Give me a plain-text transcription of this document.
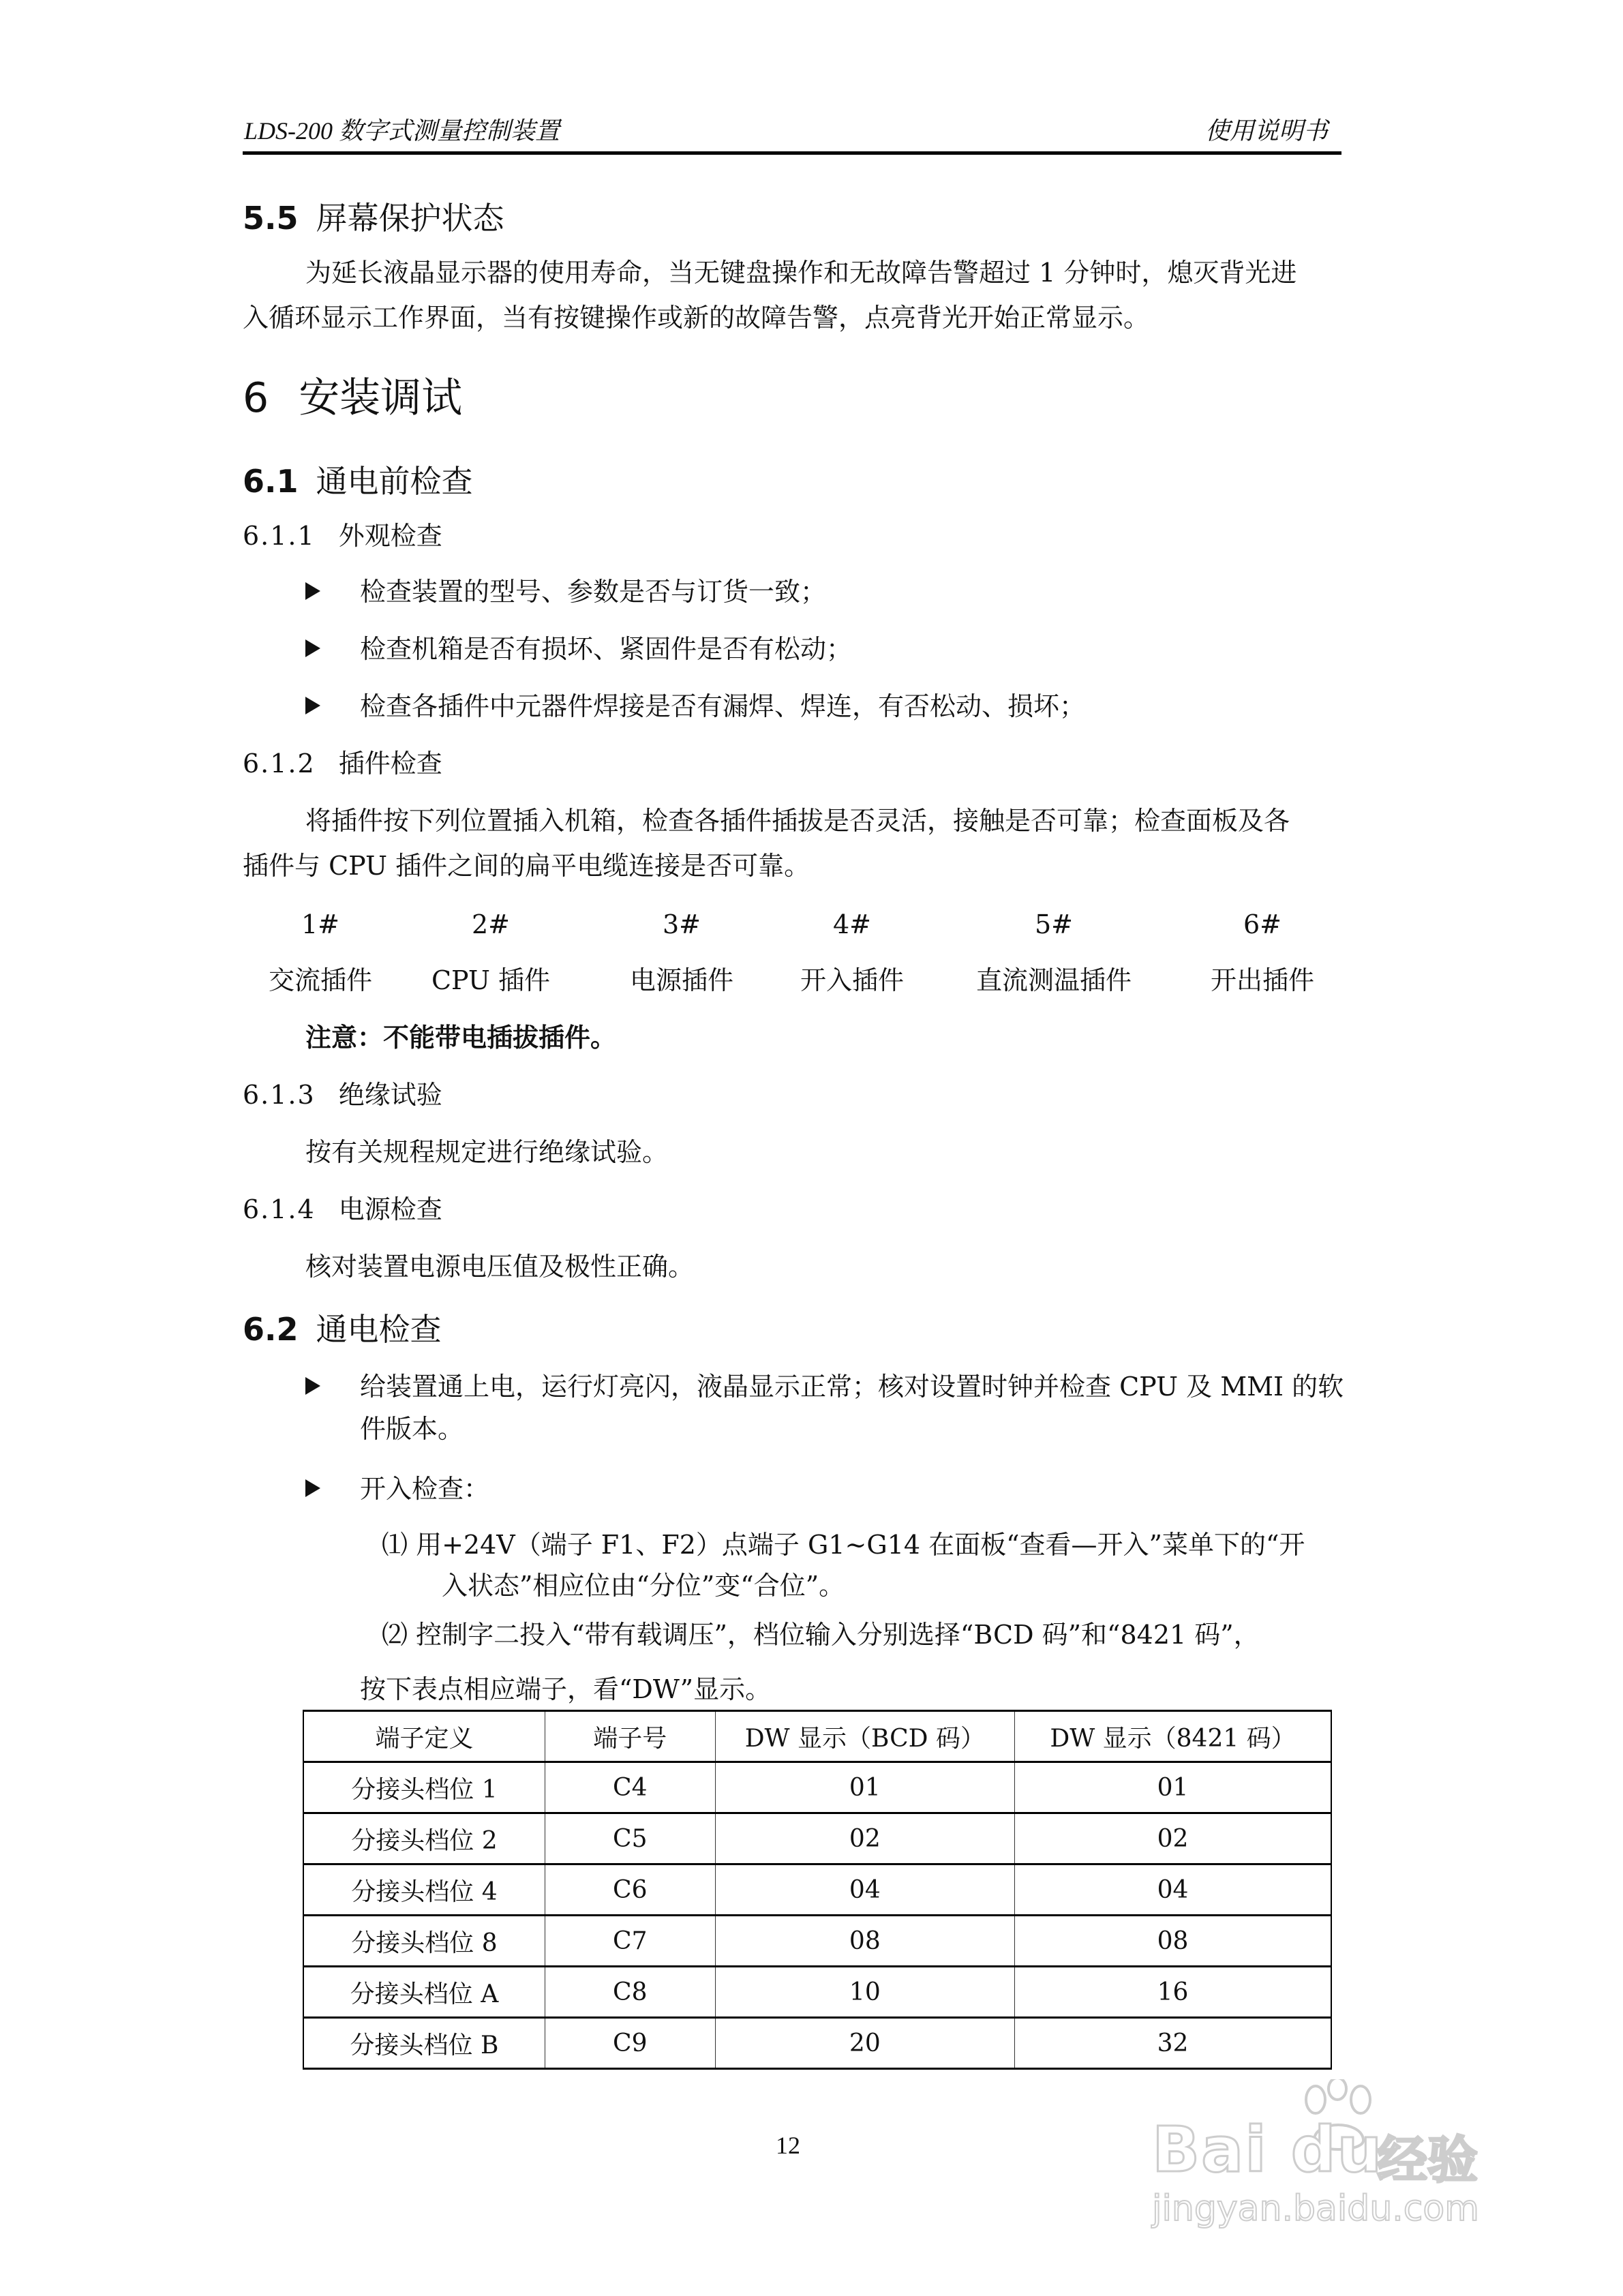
LDS-200 数字式测量控制装置	使用说明书
5.5 屏幕保护状态
为延长液晶显示器的使用寿命，当无键盘操作和无故障告警超过 1 分钟时，熄灭背光进
入循环显示工作界面，当有按键操作或新的故障告警，点亮背光开始正常显示。
6 安装调试
6.1 通电前检查
6.1.1 外观检查
检查装置的型号、参数是否与订货一致；
检查机箱是否有损坏、紧固件是否有松动；
检查各插件中元器件焊接是否有漏焊、焊连，有否松动、损坏；
6.1.2 插件检查
将插件按下列位置插入机箱，检查各插件插拔是否灵活，接触是否可靠；检查面板及各
插件与 CPU 插件之间的扁平电缆连接是否可靠。
1#	2#	3#	4#	5#	6#
交流插件	CPU 插件	电源插件	开入插件	直流测温插件	开出插件
注意：不能带电插拔插件。
6.1.3 绝缘试验
按有关规程规定进行绝缘试验。
6.1.4 电源检查
核对装置电源电压值及极性正确。
6.2 通电检查
给装置通上电，运行灯亮闪，液晶显示正常；核对设置时钟并检查 CPU 及 MMI 的软
件版本。
开入检查：
⑴ 用+24V（端子 F1、F2）点端子 G1~G14 在面板“查看—开入”菜单下的“开
入状态”相应位由“分位”变“合位”。
⑵ 控制字二投入“带有载调压”，档位输入分别选择“BCD 码”和“8421 码”，
按下表点相应端子，看“DW”显示。
端子定义	端子号	DW 显示（BCD 码）	DW 显示（8421 码）
分接头档位 1	C4	01	01
分接头档位 2	C5	02	02
分接头档位 4	C6	04	04
分接头档位 8	C7	08	08
分接头档位 A	C8	10	16
分接头档位 B	C9	20	32
12	Bai du
经验
jingyan.baidu.com
